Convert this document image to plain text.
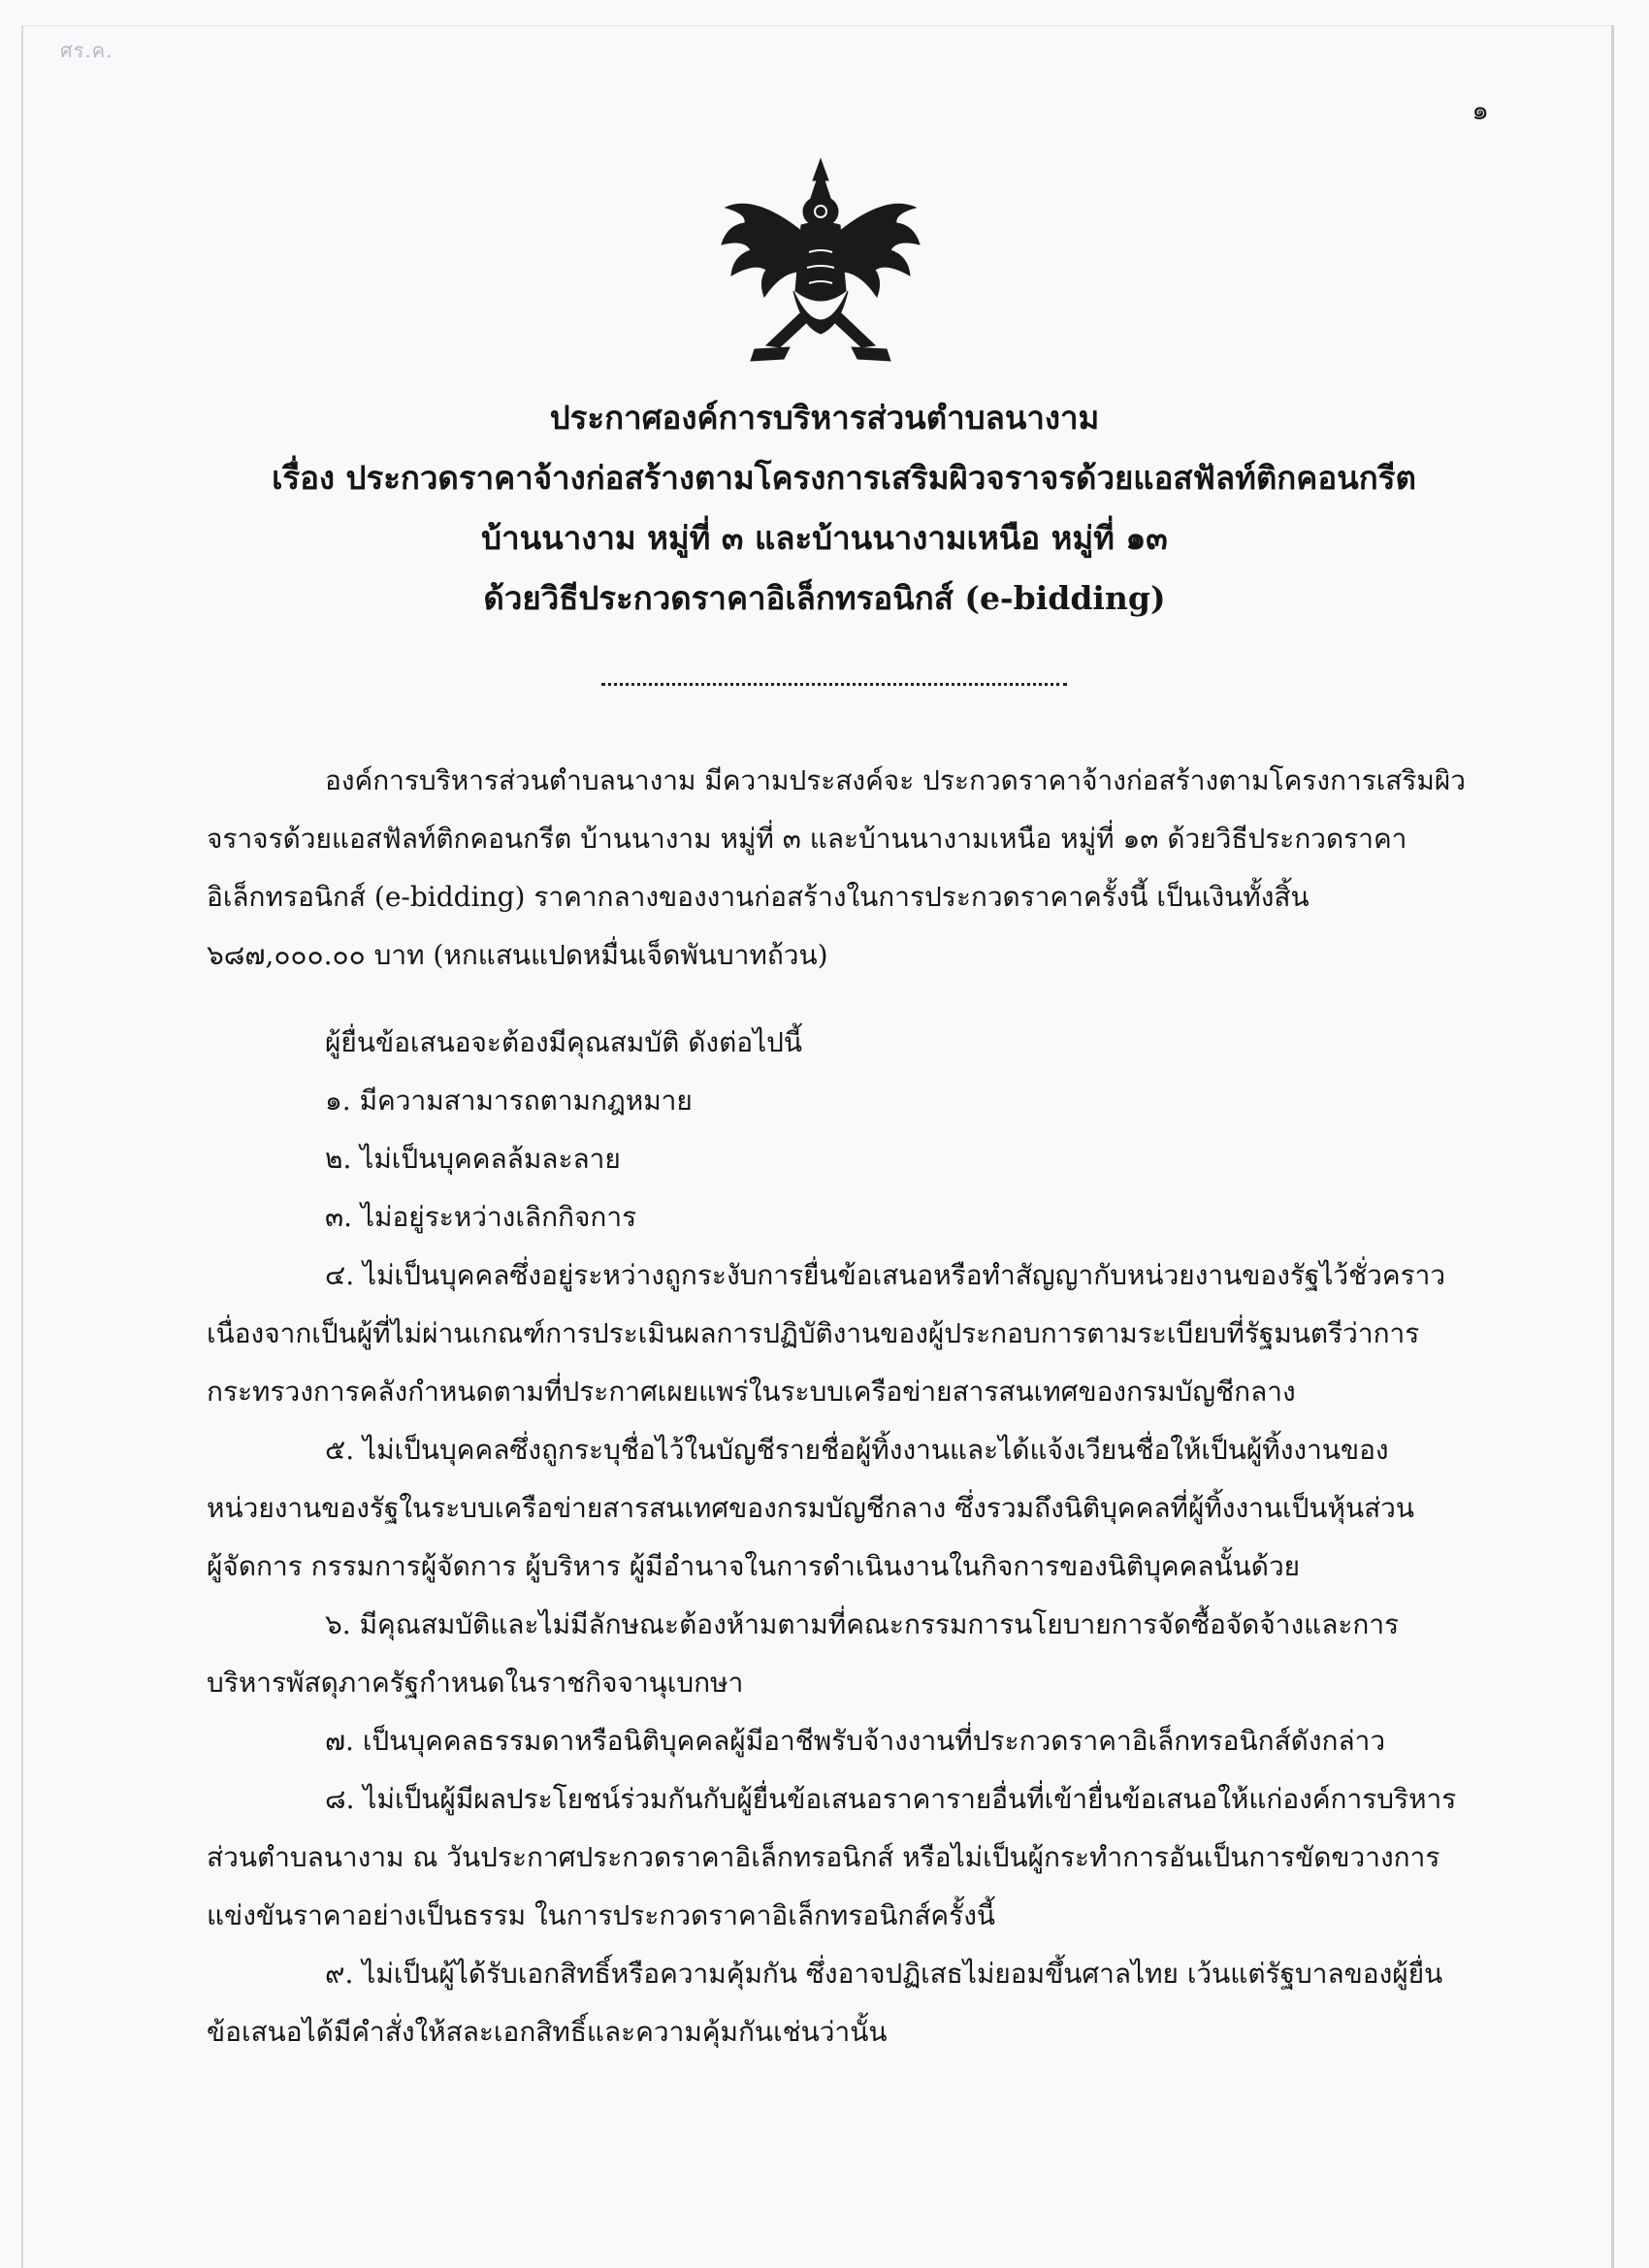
ศร.ค.
๑
ประกาศองค์การบริหารส่วนตำบลนางาม
เรื่อง ประกวดราคาจ้างก่อสร้างตามโครงการเสริมผิวจราจรด้วยแอสฟัลท์ติกคอนกรีต
บ้านนางาม หมู่ที่ ๓ และบ้านนางามเหนือ หมู่ที่ ๑๓
ด้วยวิธีประกวดราคาอิเล็กทรอนิกส์ (e-bidding)
องค์การบริหารส่วนตำบลนางาม มีความประสงค์จะ ประกวดราคาจ้างก่อสร้างตามโครงการเสริมผิว
จราจรด้วยแอสฟัลท์ติกคอนกรีต บ้านนางาม หมู่ที่ ๓ และบ้านนางามเหนือ หมู่ที่ ๑๓ ด้วยวิธีประกวดราคา
อิเล็กทรอนิกส์ (e-bidding) ราคากลางของงานก่อสร้างในการประกวดราคาครั้งนี้ เป็นเงินทั้งสิ้น
๖๘๗,๐๐๐.๐๐ บาท (หกแสนแปดหมื่นเจ็ดพันบาทถ้วน)
ผู้ยื่นข้อเสนอจะต้องมีคุณสมบัติ ดังต่อไปนี้
๑. มีความสามารถตามกฎหมาย
๒. ไม่เป็นบุคคลล้มละลาย
๓. ไม่อยู่ระหว่างเลิกกิจการ
๔. ไม่เป็นบุคคลซึ่งอยู่ระหว่างถูกระงับการยื่นข้อเสนอหรือทำสัญญากับหน่วยงานของรัฐไว้ชั่วคราว
เนื่องจากเป็นผู้ที่ไม่ผ่านเกณฑ์การประเมินผลการปฏิบัติงานของผู้ประกอบการตามระเบียบที่รัฐมนตรีว่าการ
กระทรวงการคลังกำหนดตามที่ประกาศเผยแพร่ในระบบเครือข่ายสารสนเทศของกรมบัญชีกลาง
๕. ไม่เป็นบุคคลซึ่งถูกระบุชื่อไว้ในบัญชีรายชื่อผู้ทิ้งงานและได้แจ้งเวียนชื่อให้เป็นผู้ทิ้งงานของ
หน่วยงานของรัฐในระบบเครือข่ายสารสนเทศของกรมบัญชีกลาง ซึ่งรวมถึงนิติบุคคลที่ผู้ทิ้งงานเป็นหุ้นส่วน
ผู้จัดการ กรรมการผู้จัดการ ผู้บริหาร ผู้มีอำนาจในการดำเนินงานในกิจการของนิติบุคคลนั้นด้วย
๖. มีคุณสมบัติและไม่มีลักษณะต้องห้ามตามที่คณะกรรมการนโยบายการจัดซื้อจัดจ้างและการ
บริหารพัสดุภาครัฐกำหนดในราชกิจจานุเบกษา
๗. เป็นบุคคลธรรมดาหรือนิติบุคคลผู้มีอาชีพรับจ้างงานที่ประกวดราคาอิเล็กทรอนิกส์ดังกล่าว
๘. ไม่เป็นผู้มีผลประโยชน์ร่วมกันกับผู้ยื่นข้อเสนอราคารายอื่นที่เข้ายื่นข้อเสนอให้แก่องค์การบริหาร
ส่วนตำบลนางาม ณ วันประกาศประกวดราคาอิเล็กทรอนิกส์ หรือไม่เป็นผู้กระทำการอันเป็นการขัดขวางการ
แข่งขันราคาอย่างเป็นธรรม ในการประกวดราคาอิเล็กทรอนิกส์ครั้งนี้
๙. ไม่เป็นผู้ได้รับเอกสิทธิ์หรือความคุ้มกัน ซึ่งอาจปฏิเสธไม่ยอมขึ้นศาลไทย เว้นแต่รัฐบาลของผู้ยื่น
ข้อเสนอได้มีคำสั่งให้สละเอกสิทธิ์และความคุ้มกันเช่นว่านั้น
